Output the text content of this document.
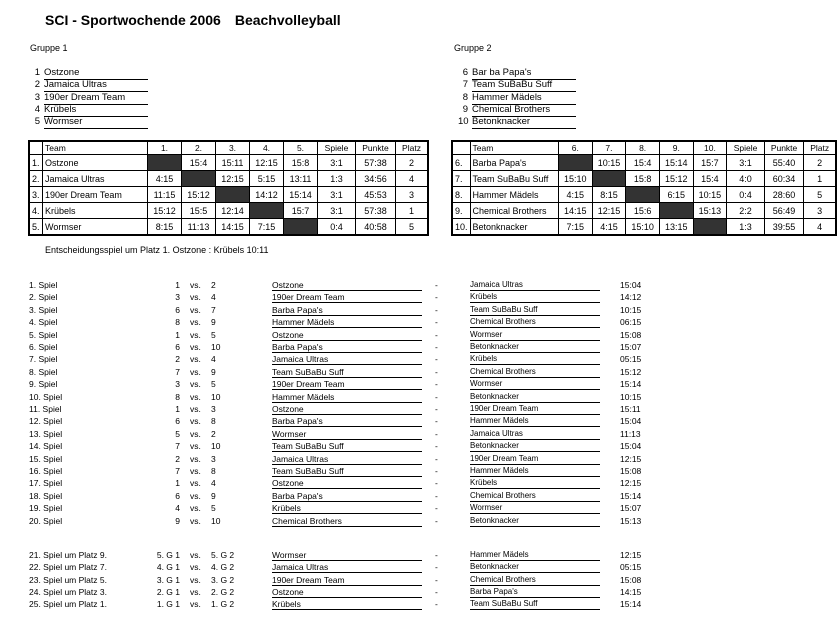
SCI - Sportwochende 2006 Beachvolleyball
Gruppe 1	Gruppe 2
1 Ostzone
2 Jamaica Ultras
3 190er Dream Team
4 Krübels
5 Wormser
6 Bar ba Papa's
7 Team SuBaBu Suff
8 Hammer Mädels
9 Chemical Brothers
10 Betonknacker
	Team	1.	2.	3.	4.	5.	Spiele	Punkte	Platz
1.	Ostzone		15:4	15:11	12:15	15:8	3:1	57:38	2
2.	Jamaica Ultras	4:15		12:15	5:15	13:11	1:3	34:56	4
3.	190er Dream Team	11:15	15:12		14:12	15:14	3:1	45:53	3
4.	Krübels	15:12	15:5	12:14		15:7	3:1	57:38	1
5.	Wormser	8:15	11:13	14:15	7:15		0:4	40:58	5
	Team	6.	7.	8.	9.	10.	Spiele	Punkte	Platz
6.	Barba Papa's		10:15	15:4	15:14	15:7	3:1	55:40	2
7.	Team SuBaBu Suff	15:10		15:8	15:12	15:4	4:0	60:34	1
8.	Hammer Mädels	4:15	8:15		6:15	10:15	0:4	28:60	5
9.	Chemical Brothers	14:15	12:15	15:6		15:13	2:2	56:49	3
10.	Betonknacker	7:15	4:15	15:10	13:15		1:3	39:55	4
Entscheidungsspiel um Platz 1. Ostzone : Krübels 10:11
1. Spiel	1 vs. 2	Ostzone	-	Jamaica Ultras	15:04
2. Spiel	3 vs. 4	190er Dream Team	-	Krübels	14:12
3. Spiel	6 vs. 7	Barba Papa's	-	Team SuBaBu Suff	10:15
4. Spiel	8 vs. 9	Hammer Mädels	-	Chemical Brothers	06:15
5. Spiel	1 vs. 5	Ostzone	-	Wormser	15:08
6. Spiel	6 vs. 10	Barba Papa's	-	Betonknacker	15:07
7. Spiel	2 vs. 4	Jamaica Ultras	-	Krübels	05:15
8. Spiel	7 vs. 9	Team SuBaBu Suff	-	Chemical Brothers	15:12
9. Spiel	3 vs. 5	190er Dream Team	-	Wormser	15:14
10. Spiel	8 vs. 10	Hammer Mädels	-	Betonknacker	10:15
11. Spiel	1 vs. 3	Ostzone	-	190er Dream Team	15:11
12. Spiel	6 vs. 8	Barba Papa's	-	Hammer Mädels	15:04
13. Spiel	5 vs. 2	Wormser	-	Jamaica Ultras	11:13
14. Spiel	7 vs. 10	Team SuBaBu Suff	-	Betonknacker	15:04
15. Spiel	2 vs. 3	Jamaica Ultras	-	190er Dream Team	12:15
16. Spiel	7 vs. 8	Team SuBaBu Suff	-	Hammer Mädels	15:08
17. Spiel	1 vs. 4	Ostzone	-	Krübels	12:15
18. Spiel	6 vs. 9	Barba Papa's	-	Chemical Brothers	15:14
19. Spiel	4 vs. 5	Krübels	-	Wormser	15:07
20. Spiel	9 vs. 10	Chemical Brothers	-	Betonknacker	15:13
21. Spiel um Platz 9.	5. G 1 vs. 5. G 2	Wormser	-	Hammer Mädels	12:15
22. Spiel um Platz 7.	4. G 1 vs. 4. G 2	Jamaica Ultras	-	Betonknacker	05:15
23. Spiel um Platz 5.	3. G 1 vs. 3. G 2	190er Dream Team	-	Chemical Brothers	15:08
24. Spiel um Platz 3.	2. G 1 vs. 2. G 2	Ostzone	-	Barba Papa's	14:15
25. Spiel um Platz 1.	1. G 1 vs. 1. G 2	Krübels	-	Team SuBaBu Suff	15:14
